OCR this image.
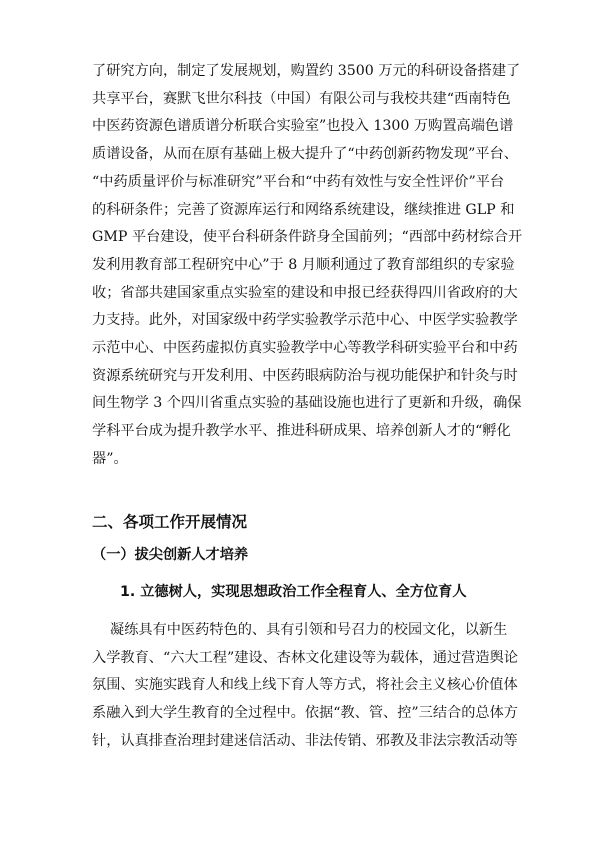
了研究方向，制定了发展规划，购置约 3500 万元的科研设备搭建了
共享平台，赛默飞世尔科技（中国）有限公司与我校共建“西南特色
中医药资源色谱质谱分析联合实验室”也投入 1300 万购置高端色谱
质谱设备，从而在原有基础上极大提升了“中药创新药物发现”平台、
“中药质量评价与标准研究”平台和“中药有效性与安全性评价”平台
的科研条件；完善了资源库运行和网络系统建设，继续推进 GLP 和
GMP 平台建设，使平台科研条件跻身全国前列；“西部中药材综合开
发利用教育部工程研究中心”于 8 月顺利通过了教育部组织的专家验
收；省部共建国家重点实验室的建设和申报已经获得四川省政府的大
力支持。此外，对国家级中药学实验教学示范中心、中医学实验教学
示范中心、中医药虚拟仿真实验教学中心等教学科研实验平台和中药
资源系统研究与开发利用、中医药眼病防治与视功能保护和针灸与时
间生物学 3 个四川省重点实验的基础设施也进行了更新和升级，确保
学科平台成为提升教学水平、推进科研成果、培养创新人才的“孵化
器”。
二、各项工作开展情况
（一）拔尖创新人才培养
1. 立德树人，实现思想政治工作全程育人、全方位育人
凝练具有中医药特色的、具有引领和号召力的校园文化，以新生
入学教育、“六大工程”建设、杏林文化建设等为载体，通过营造舆论
氛围、实施实践育人和线上线下育人等方式，将社会主义核心价值体
系融入到大学生教育的全过程中。依据“教、管、控”三结合的总体方
针，认真排查治理封建迷信活动、非法传销、邪教及非法宗教活动等
